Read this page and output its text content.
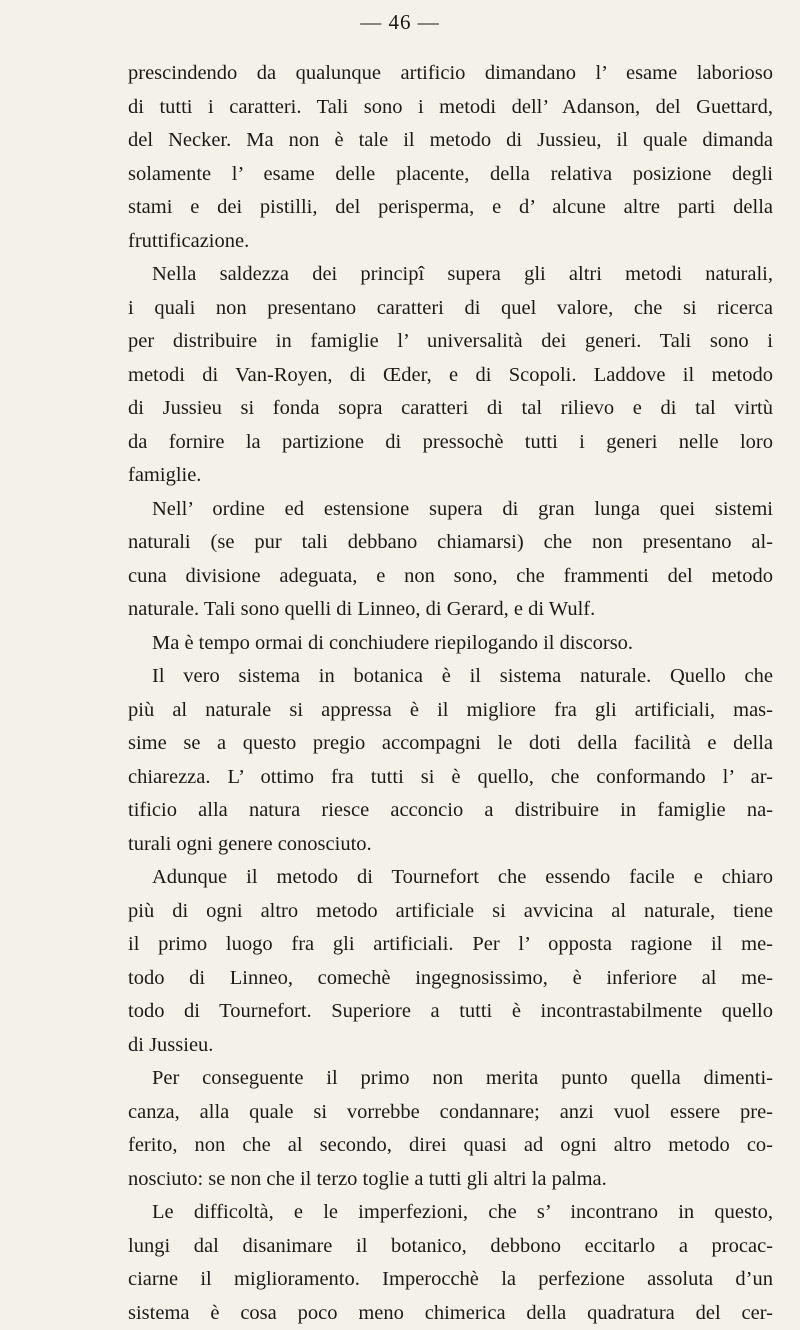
— 46 —
prescindendo da qualunque artificio dimandano l’ esame laborioso
di tutti i caratteri. Tali sono i metodi dell’ Adanson, del Guettard,
del Necker. Ma non è tale il metodo di Jussieu, il quale dimanda
solamente l’ esame delle placente, della relativa posizione degli
stami e dei pistilli, del perisperma, e d’ alcune altre parti della
fruttificazione.
Nella saldezza dei principî supera gli altri metodi naturali,
i quali non presentano caratteri di quel valore, che si ricerca
per distribuire in famiglie l’ universalità dei generi. Tali sono i
metodi di Van-Royen, di Œder, e di Scopoli. Laddove il metodo
di Jussieu si fonda sopra caratteri di tal rilievo e di tal virtù
da fornire la partizione di pressochè tutti i generi nelle loro
famiglie.
Nell’ ordine ed estensione supera di gran lunga quei sistemi
naturali (se pur tali debbano chiamarsi) che non presentano al-
cuna divisione adeguata, e non sono, che frammenti del metodo
naturale. Tali sono quelli di Linneo, di Gerard, e di Wulf.
Ma è tempo ormai di conchiudere riepilogando il discorso.
Il vero sistema in botanica è il sistema naturale. Quello che
più al naturale si appressa è il migliore fra gli artificiali, mas-
sime se a questo pregio accompagni le doti della facilità e della
chiarezza. L’ ottimo fra tutti si è quello, che conformando l’ ar-
tificio alla natura riesce acconcio a distribuire in famiglie na-
turali ogni genere conosciuto.
Adunque il metodo di Tournefort che essendo facile e chiaro
più di ogni altro metodo artificiale si avvicina al naturale, tiene
il primo luogo fra gli artificiali. Per l’ opposta ragione il me-
todo di Linneo, comechè ingegnosissimo, è inferiore al me-
todo di Tournefort. Superiore a tutti è incontrastabilmente quello
di Jussieu.
Per conseguente il primo non merita punto quella dimenti-
canza, alla quale si vorrebbe condannare; anzi vuol essere pre-
ferito, non che al secondo, direi quasi ad ogni altro metodo co-
nosciuto: se non che il terzo toglie a tutti gli altri la palma.
Le difficoltà, e le imperfezioni, che s’ incontrano in questo,
lungi dal disanimare il botanico, debbono eccitarlo a procac-
ciarne il miglioramento. Imperocchè la perfezione assoluta d’un
sistema è cosa poco meno chimerica della quadratura del cer-
